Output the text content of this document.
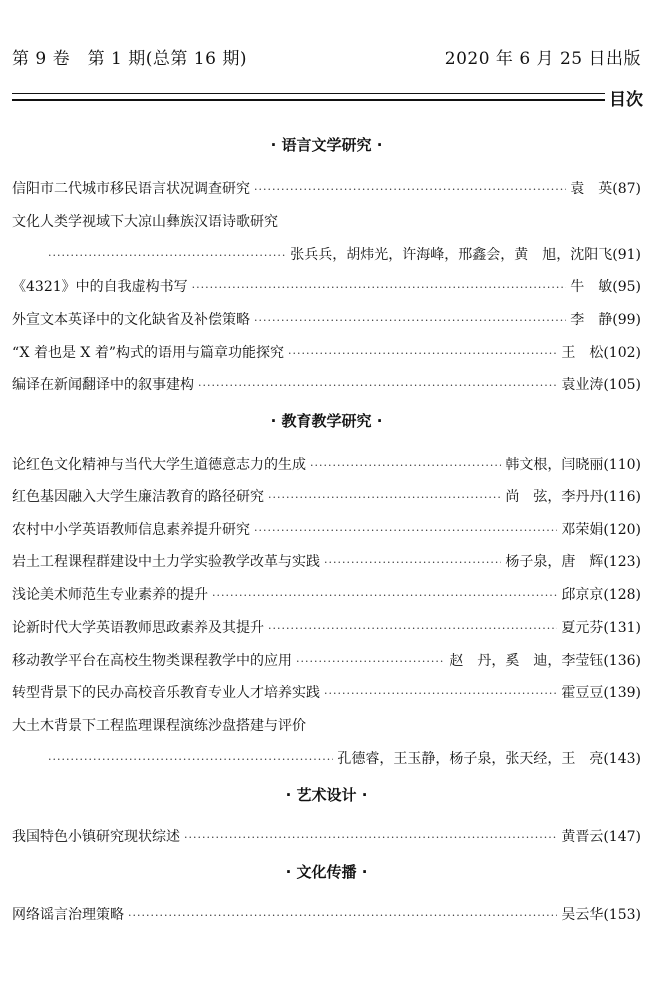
第 9 卷　第 1 期(总第 16 期)	2020 年 6 月 25 日出版
目次
· 语言文学研究 ·
信阳市二代城市移民语言状况调查研究 ·····	袁　英 (87)
文化人类学视域下大凉山彝族汉语诗歌研究
·····
张兵兵，胡炜光，许海峰，邢鑫会，黄　旭，沈阳飞 (91)
《4321》中的自我虚构书写 ·····	牛　敏 (95)
外宣文本英译中的文化缺省及补偿策略 ·····	李　静 (99)
“X 着也是 X 着”构式的语用与篇章功能探究 ·····	王　松 (102)
编译在新闻翻译中的叙事建构 ·····	袁业涛 (105)
· 教育教学研究 ·
论红色文化精神与当代大学生道德意志力的生成 ·····	韩文根，闫晓丽 (110)
红色基因融入大学生廉洁教育的路径研究 ·····	尚　弦，李丹丹 (116)
农村中小学英语教师信息素养提升研究 ·····	邓荣娟 (120)
岩土工程课程群建设中土力学实验教学改革与实践 ·····	杨子泉，唐　辉 (123)
浅论美术师范生专业素养的提升 ·····	邱京京 (128)
论新时代大学英语教师思政素养及其提升 ·····	夏元芬 (131)
移动教学平台在高校生物类课程教学中的应用 ·····	赵　丹，奚　迪，李莹钰 (136)
转型背景下的民办高校音乐教育专业人才培养实践 ·····	霍豆豆 (139)
大土木背景下工程监理课程演练沙盘搭建与评价
·····
孔德睿，王玉静，杨子泉，张天经，王　亮 (143)
· 艺术设计 ·
我国特色小镇研究现状综述 ·····	黄晋云 (147)
· 文化传播 ·
网络谣言治理策略 ·····	吴云华 (153)
